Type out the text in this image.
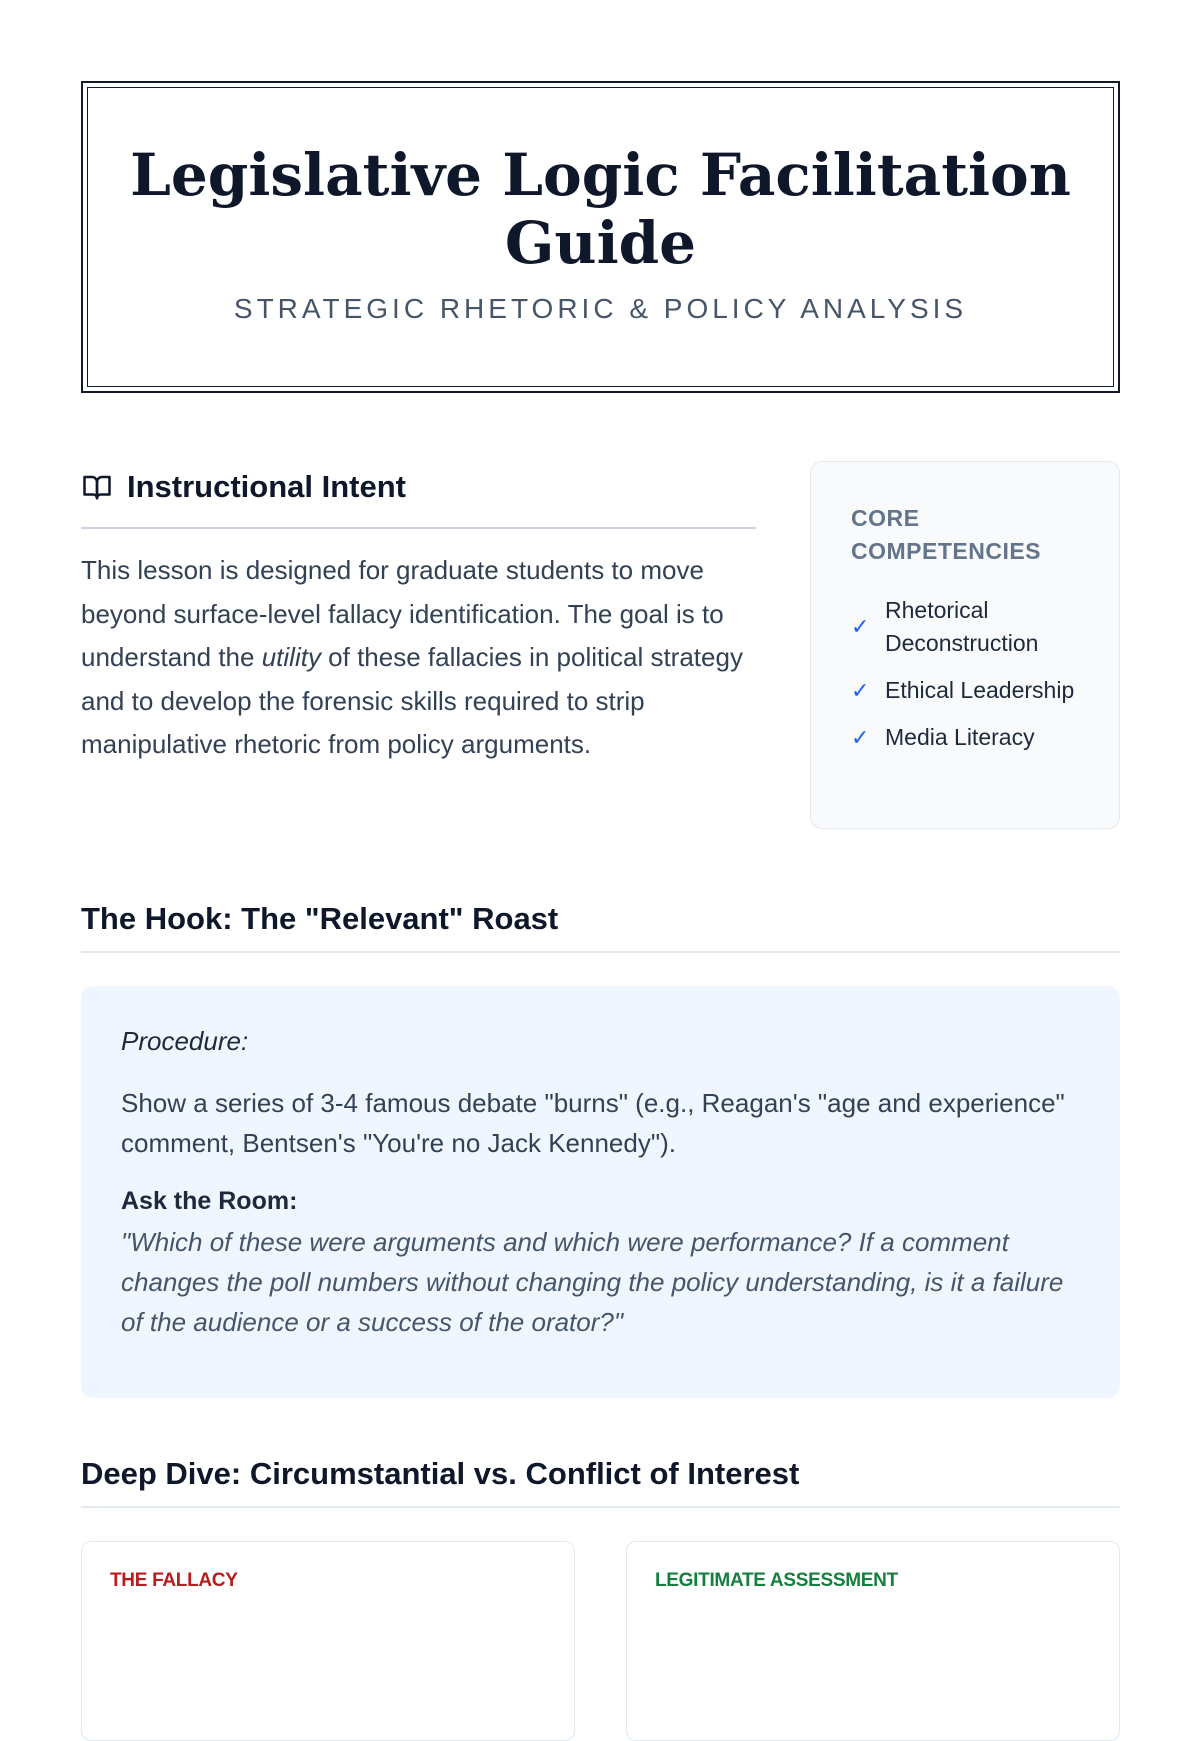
Legislative Logic Facilitation Guide

STRATEGIC RHETORIC & POLICY ANALYSIS

Instructional Intent

This lesson is designed for graduate students to move beyond surface-level fallacy identification. The goal is to understand the utility of these fallacies in political strategy and to develop the forensic skills required to strip manipulative rhetoric from policy arguments.

CORE COMPETENCIES

✓
Rhetorical Deconstruction
✓ Ethical Leadership
✓ Media Literacy
The Hook: The "Relevant" Roast

Procedure:

Show a series of 3-4 famous debate "burns" (e.g., Reagan's "age and experience" comment, Bentsen's "You're no Jack Kennedy").

Ask the Room:

"Which of these were arguments and which were performance? If a comment changes the poll numbers without changing the policy understanding, is it a failure of the audience or a success of the orator?"

Deep Dive: Circumstantial vs. Conflict of Interest

THE FALLACY	LEGITIMATE ASSESSMENT
